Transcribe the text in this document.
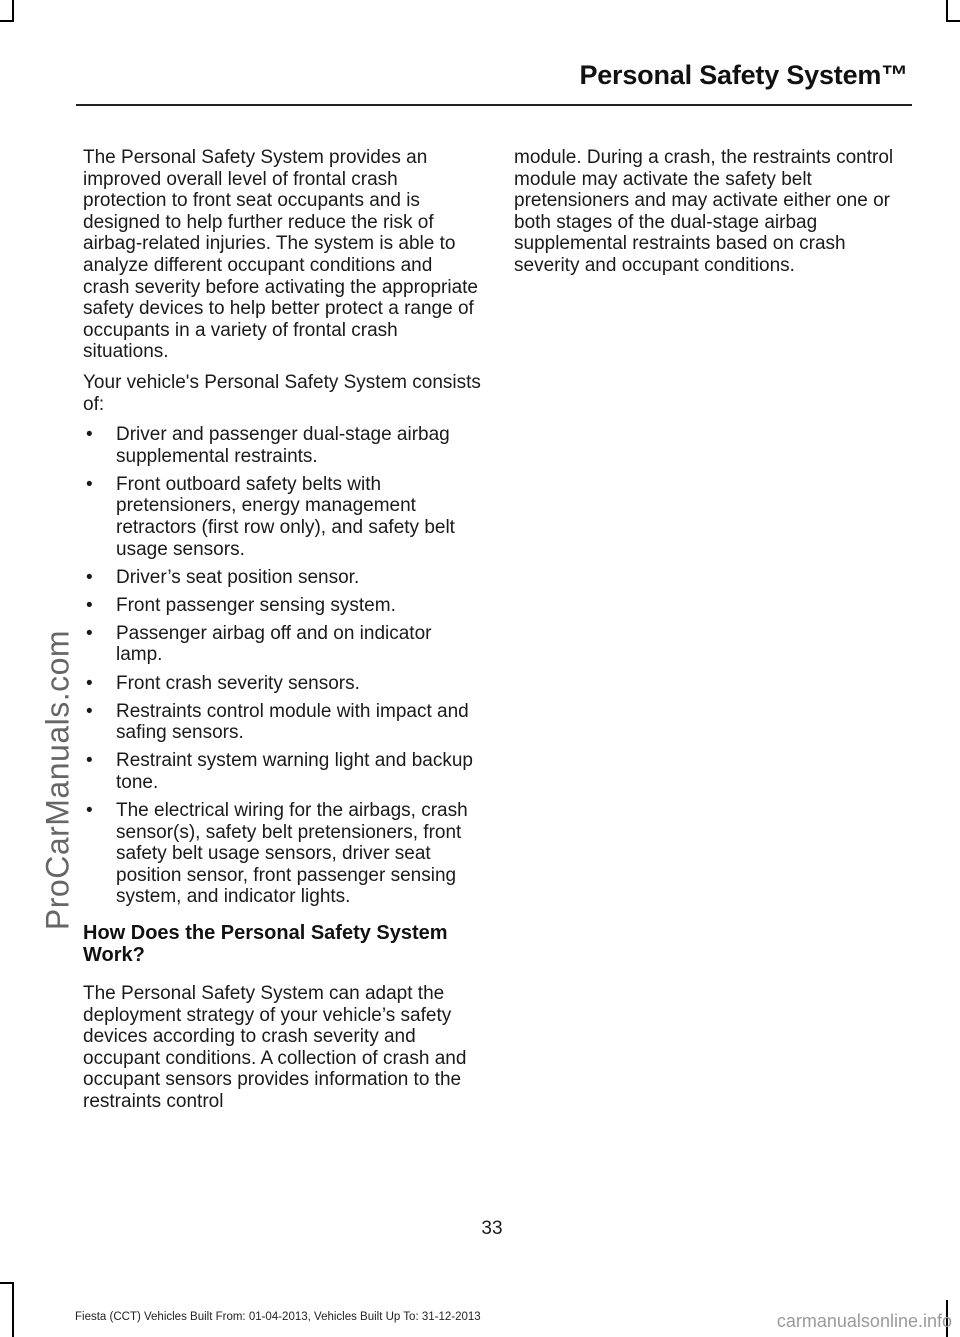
Personal Safety System™
ProCarManuals.com

The Personal Safety System provides an improved overall level of frontal crash protection to front seat occupants and is designed to help further reduce the risk of airbag-related injuries. The system is able to analyze different occupant conditions and crash severity before activating the appropriate safety devices to help better protect a range of occupants in a variety of frontal crash situations.

Your vehicle's Personal Safety System consists of:

• Driver and passenger dual-stage airbag supplemental restraints.
• Front outboard safety belts with pretensioners, energy management retractors (first row only), and safety belt usage sensors.
• Driver’s seat position sensor.
• Front passenger sensing system.
• Passenger airbag off and on indicator lamp.
• Front crash severity sensors.
• Restraints control module with impact and safing sensors.
• Restraint system warning light and backup tone.
• The electrical wiring for the airbags, crash sensor(s), safety belt pretensioners, front safety belt usage sensors, driver seat position sensor, front passenger sensing system, and indicator lights.
How Does the Personal Safety System Work?

The Personal Safety System can adapt the deployment strategy of your vehicle’s safety devices according to crash severity and occupant conditions. A collection of crash and occupant sensors provides information to the restraints control

module. During a crash, the restraints control module may activate the safety belt pretensioners and may activate either one or both stages of the dual-stage airbag supplemental restraints based on crash severity and occupant conditions.

33
Fiesta (CCT) Vehicles Built From: 01-04-2013, Vehicles Built Up To: 31-12-2013	carmanualsonline.info
